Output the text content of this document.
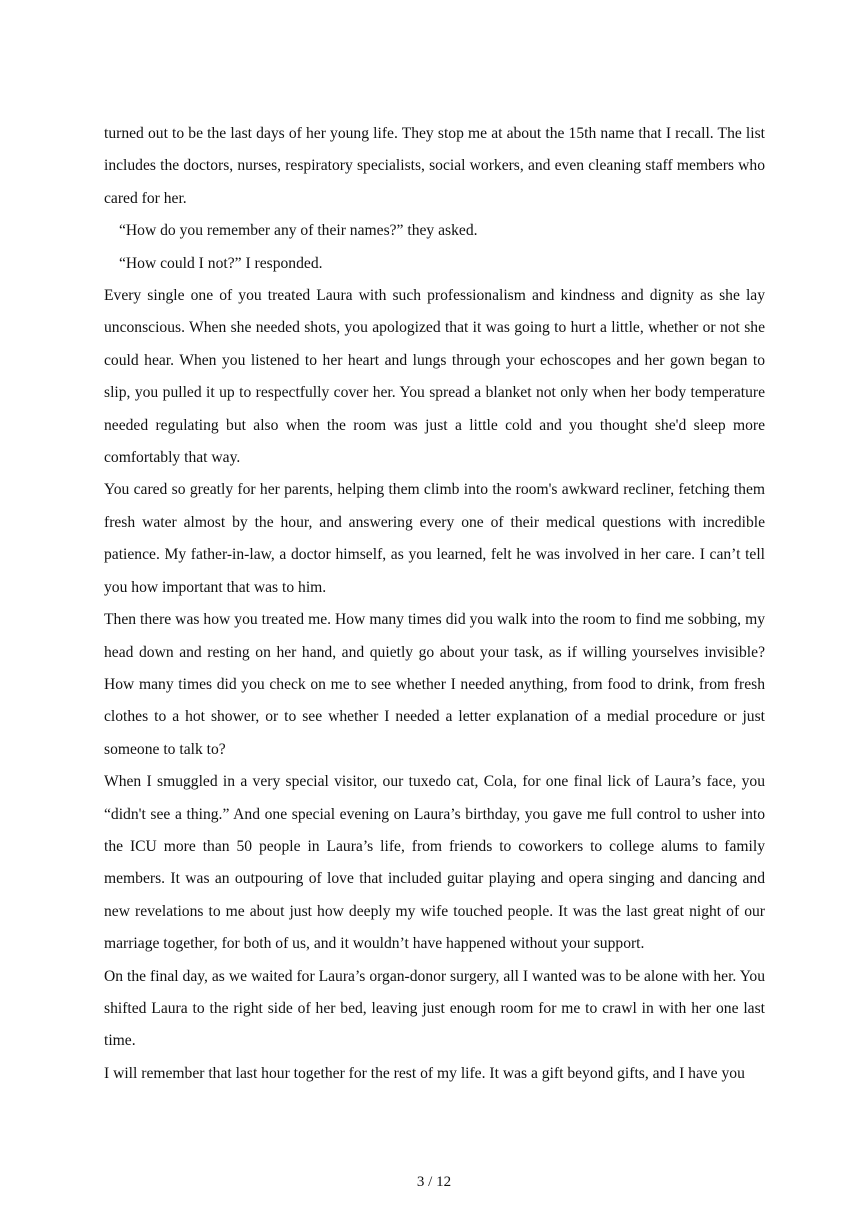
turned out to be the last days of her young life. They stop me at about the 15th name that I recall. The list includes the doctors, nurses, respiratory specialists, social workers, and even cleaning staff members who cared for her.

“How do you remember any of their names?” they asked.

“How could I not?” I responded.

Every single one of you treated Laura with such professionalism and kindness and dignity as she lay unconscious. When she needed shots, you apologized that it was going to hurt a little, whether or not she could hear. When you listened to her heart and lungs through your echoscopes and her gown began to slip, you pulled it up to respectfully cover her. You spread a blanket not only when her body temperature needed regulating but also when the room was just a little cold and you thought she'd sleep more comfortably that way.

You cared so greatly for her parents, helping them climb into the room's awkward recliner, fetching them fresh water almost by the hour, and answering every one of their medical questions with incredible patience. My father-in-law, a doctor himself, as you learned, felt he was involved in her care. I can’t tell you how important that was to him.

Then there was how you treated me. How many times did you walk into the room to find me sobbing, my head down and resting on her hand, and quietly go about your task, as if willing yourselves invisible? How many times did you check on me to see whether I needed anything, from food to drink, from fresh clothes to a hot shower, or to see whether I needed a letter explanation of a medial procedure or just someone to talk to?

When I smuggled in a very special visitor, our tuxedo cat, Cola, for one final lick of Laura’s face, you “didn't see a thing.” And one special evening on Laura’s birthday, you gave me full control to usher into the ICU more than 50 people in Laura’s life, from friends to coworkers to college alums to family members. It was an outpouring of love that included guitar playing and opera singing and dancing and new revelations to me about just how deeply my wife touched people. It was the last great night of our marriage together, for both of us, and it wouldn’t have happened without your support.

On the final day, as we waited for Laura’s organ-donor surgery, all I wanted was to be alone with her. You shifted Laura to the right side of her bed, leaving just enough room for me to crawl in with her one last time.

I will remember that last hour together for the rest of my life. It was a gift beyond gifts, and I have you

3 / 12
